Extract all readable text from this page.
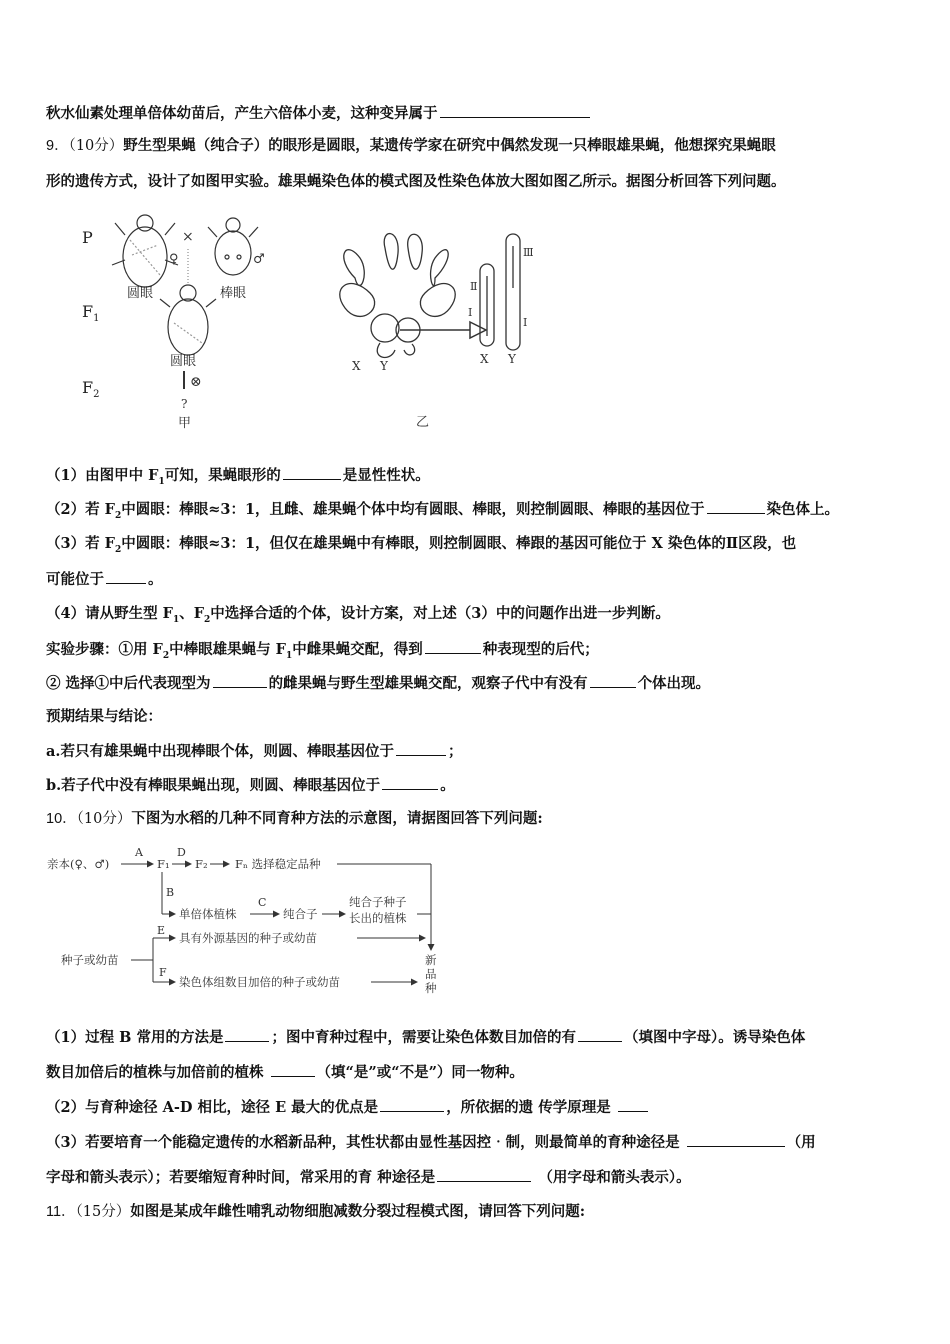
秋水仙素处理单倍体幼苗后，产生六倍体小麦，这种变异属于
9．（10分）野生型果蝇（纯合子）的眼形是圆眼，某遗传学家在研究中偶然发现一只棒眼雄果蝇，他想探究果蝇眼
形的遗传方式，设计了如图甲实验。雄果蝇染色体的模式图及性染色体放大图如图乙所示。据图分析回答下列问题。
P
$F_1$
$F_2$
×
♀	♂
圆眼	棒眼
圆眼
⊗
?
甲
X Y
Ⅱ
Ⅰ
Ⅲ
Ⅰ
X Y
乙
（1）由图甲中 $F_1$可知，果蝇眼形的	是显性性状。
（2）若 $F_2$中圆眼：棒眼≈3：1，且雌、雄果蝇个体中均有圆眼、棒眼，则控制圆眼、棒眼的基因位于	染色体上。
（3）若 $F_2$中圆眼：棒眼≈3：1，但仅在雄果蝇中有棒眼，则控制圆眼、棒跟的基因可能位于 X 染色体的Ⅱ区段，也
可能位于	。
（4）请从野生型 $F_1$、$F_2$中选择合适的个体，设计方案，对上述（3）中的问题作出进一步判断。
实验步骤：①用 $F_2$中棒眼雄果蝇与 $F_1$中雌果蝇交配，得到	种表现型的后代；
② 选择①中后代表现型为	的雌果蝇与野生型雄果蝇交配，观察子代中有没有	个体出现。
预期结果与结论：
a.若只有雄果蝇中出现棒眼个体，则圆、棒眼基因位于	；
b.若子代中没有棒眼果蝇出现，则圆、棒眼基因位于	。
10．（10分）下图为水稻的几种不同育种方法的示意图，请据图回答下列问题:
亲本(♀、♂)
A
F₁
D
F₂ Fₙ 选择稳定品种
B
单倍体植株
C
纯合子
纯合子种子
长出的植株
种子或幼苗
E
具有外源基因的种子或幼苗
F
染色体组数目加倍的种子或幼苗
新
品
种
（1）过程 B 常用的方法是	；图中育种过程中，需要让染色体数目加倍的有	（填图中字母）。诱导染色体
数目加倍后的植株与加倍前的植株	（填“是”或“不是”）同一物种。
（2）与育种途径 A-D 相比，途径 E 最大的优点是	，所依据的遗 传学原理是
（3）若要培育一个能稳定遗传的水稻新品种，其性状都由显性基因控‧制，则最简单的育种途径是	（用
字母和箭头表示）；若要缩短育种时间，常采用的育 种途径是	（用字母和箭头表示）。
11．（15分）如图是某成年雌性哺乳动物细胞减数分裂过程模式图，请回答下列问题:
